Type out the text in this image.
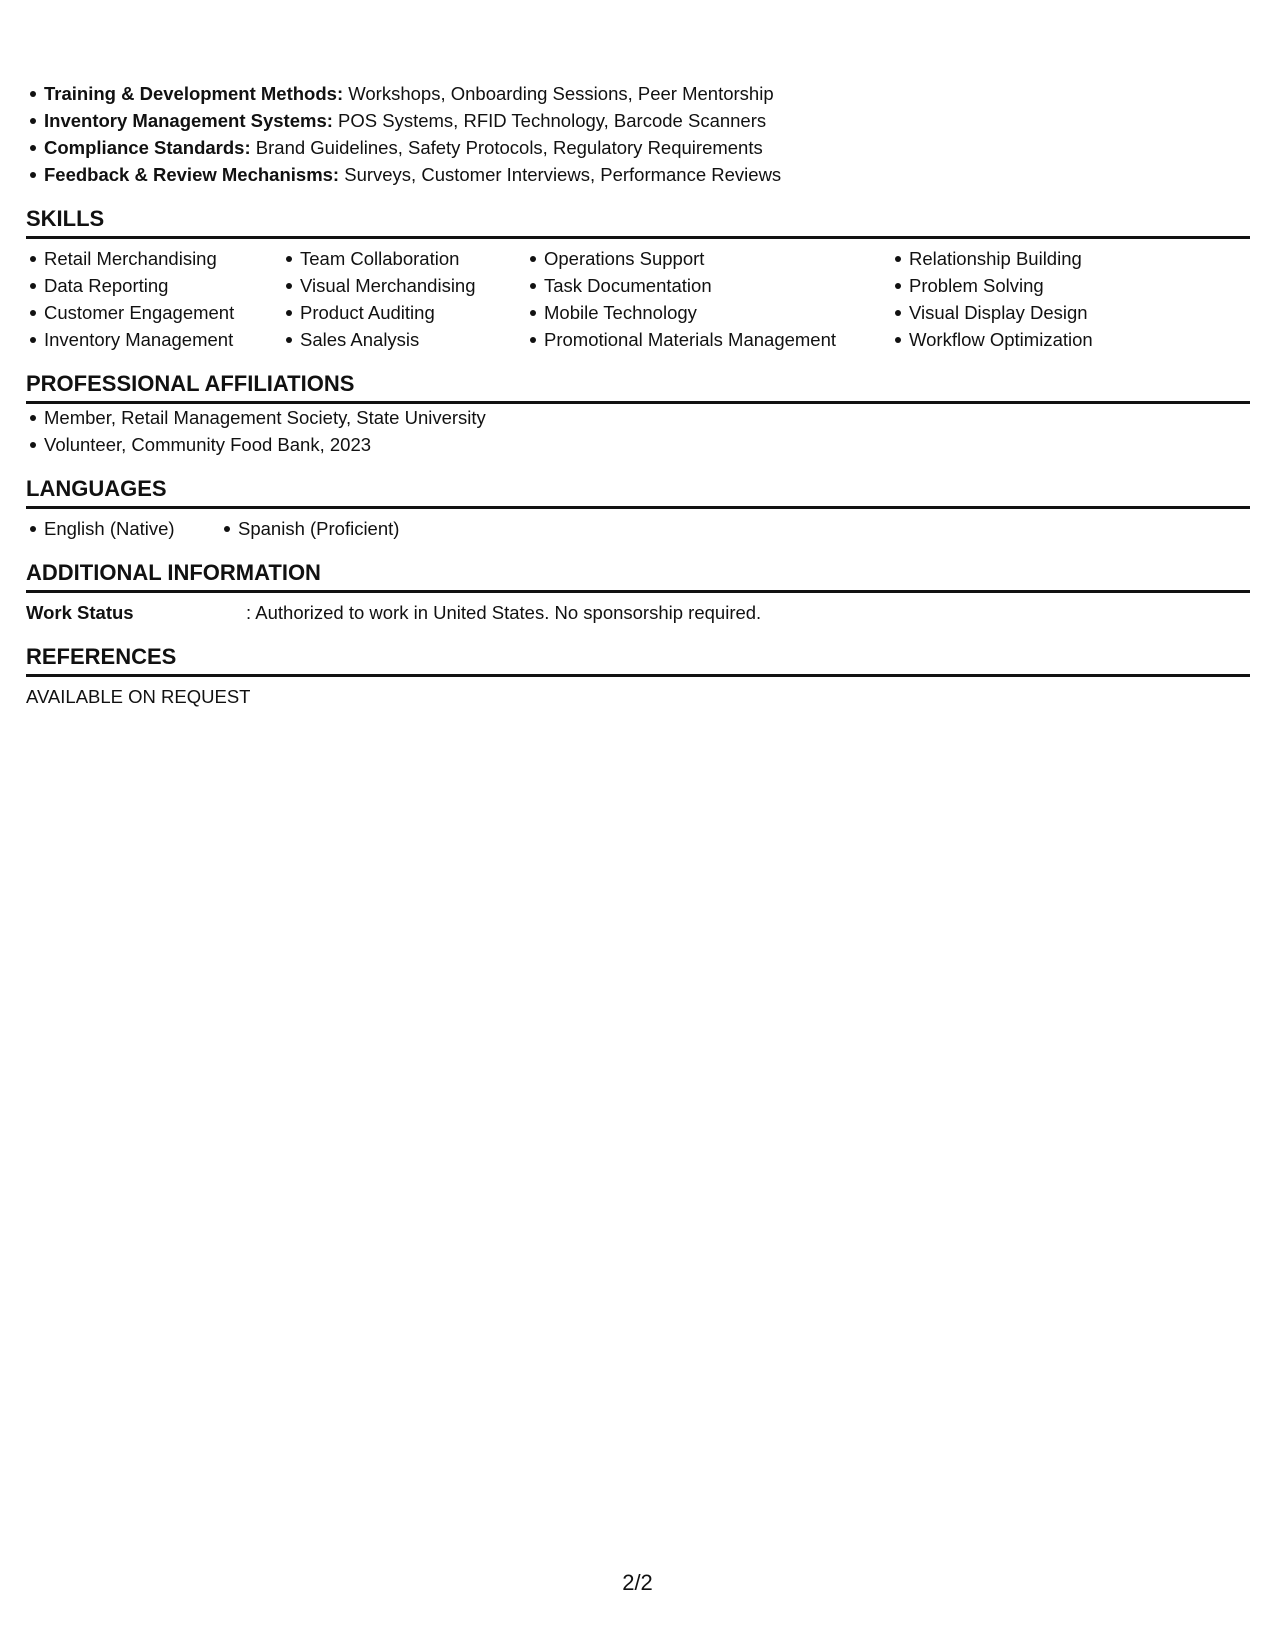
Training & Development Methods: Workshops, Onboarding Sessions, Peer Mentorship
Inventory Management Systems: POS Systems, RFID Technology, Barcode Scanners
Compliance Standards: Brand Guidelines, Safety Protocols, Regulatory Requirements
Feedback & Review Mechanisms: Surveys, Customer Interviews, Performance Reviews
SKILLS
Retail Merchandising
Data Reporting
Customer Engagement
Inventory Management
Team Collaboration
Visual Merchandising
Product Auditing
Sales Analysis
Operations Support
Task Documentation
Mobile Technology
Promotional Materials Management
Relationship Building
Problem Solving
Visual Display Design
Workflow Optimization
PROFESSIONAL AFFILIATIONS
Member, Retail Management Society, State University
Volunteer, Community Food Bank, 2023
LANGUAGES
English (Native)	Spanish (Proficient)
ADDITIONAL INFORMATION
Work Status	: Authorized to work in United States. No sponsorship required.
REFERENCES
AVAILABLE ON REQUEST
2/2
